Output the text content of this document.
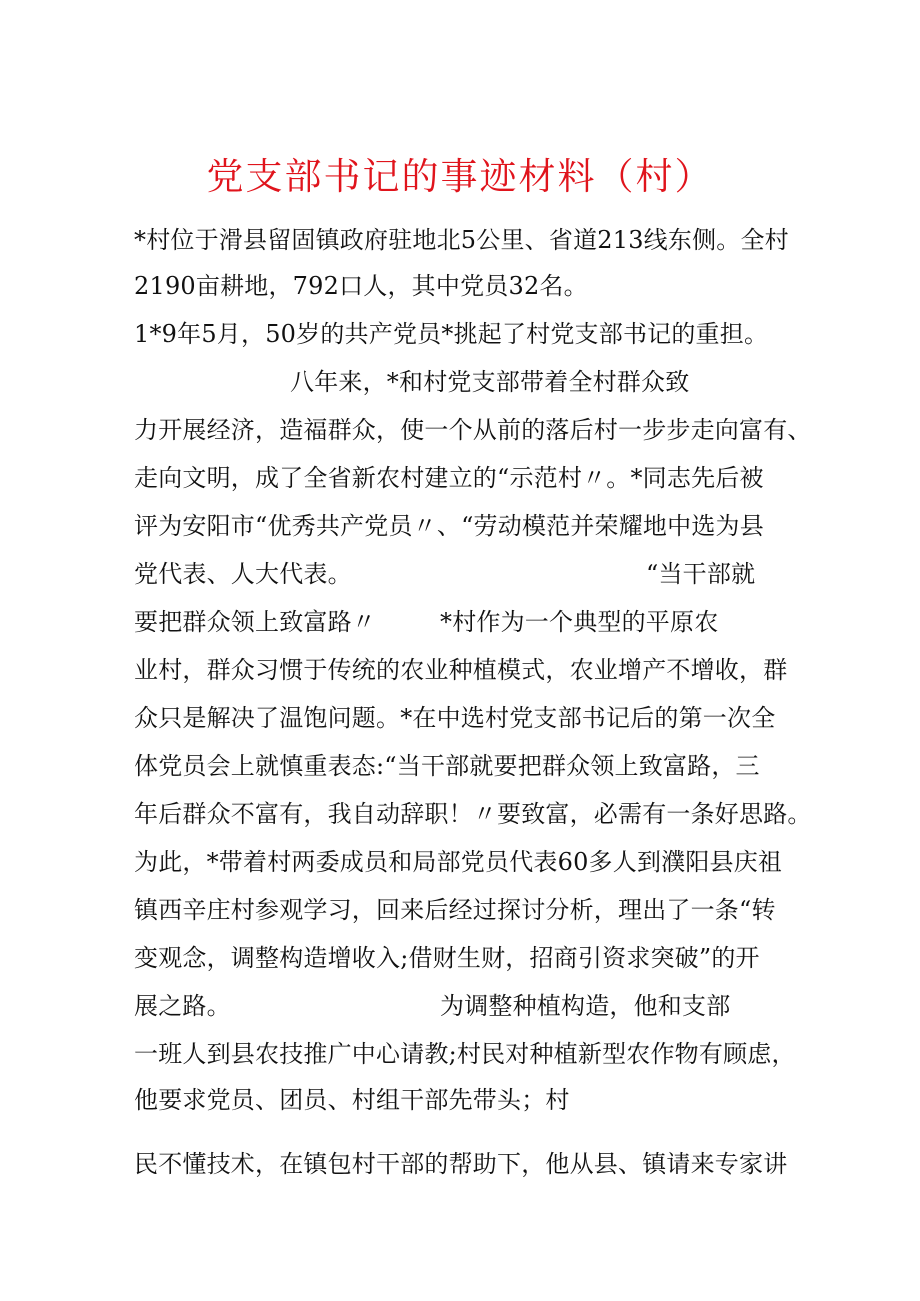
党支部书记的事迹材料（村）
*村位于滑县留固镇政府驻地北5公里、省道213线东侧。全村
2190亩耕地，792口人，其中党员32名。
1*9年5月，50岁的共产党员*挑起了村党支部书记的重担。
八年来，*和村党支部带着全村群众致
力开展经济，造福群众，使一个从前的落后村一步步走向富有、
走向文明，成了全省新农村建立的“示范村〃。*同志先后被
评为安阳市“优秀共产党员〃、“劳动模范并荣耀地中选为县
党代表、人大代表。	“当干部就
要把群众领上致富路〃	*村作为一个典型的平原农
业村，群众习惯于传统的农业种植模式，农业增产不增收，群
众只是解决了温饱问题。*在中选村党支部书记后的第一次全
体党员会上就慎重表态:“当干部就要把群众领上致富路，三
年后群众不富有，我自动辞职！〃要致富，必需有一条好思路。
为此，*带着村两委成员和局部党员代表60多人到濮阳县庆祖
镇西辛庄村参观学习，回来后经过探讨分析，理出了一条“转
变观念，调整构造增收入;借财生财，招商引资求突破”的开
展之路。	为调整种植构造，他和支部
一班人到县农技推广中心请教;村民对种植新型农作物有顾虑，
他要求党员、团员、村组干部先带头；村
民不懂技术，在镇包村干部的帮助下，他从县、镇请来专家讲
